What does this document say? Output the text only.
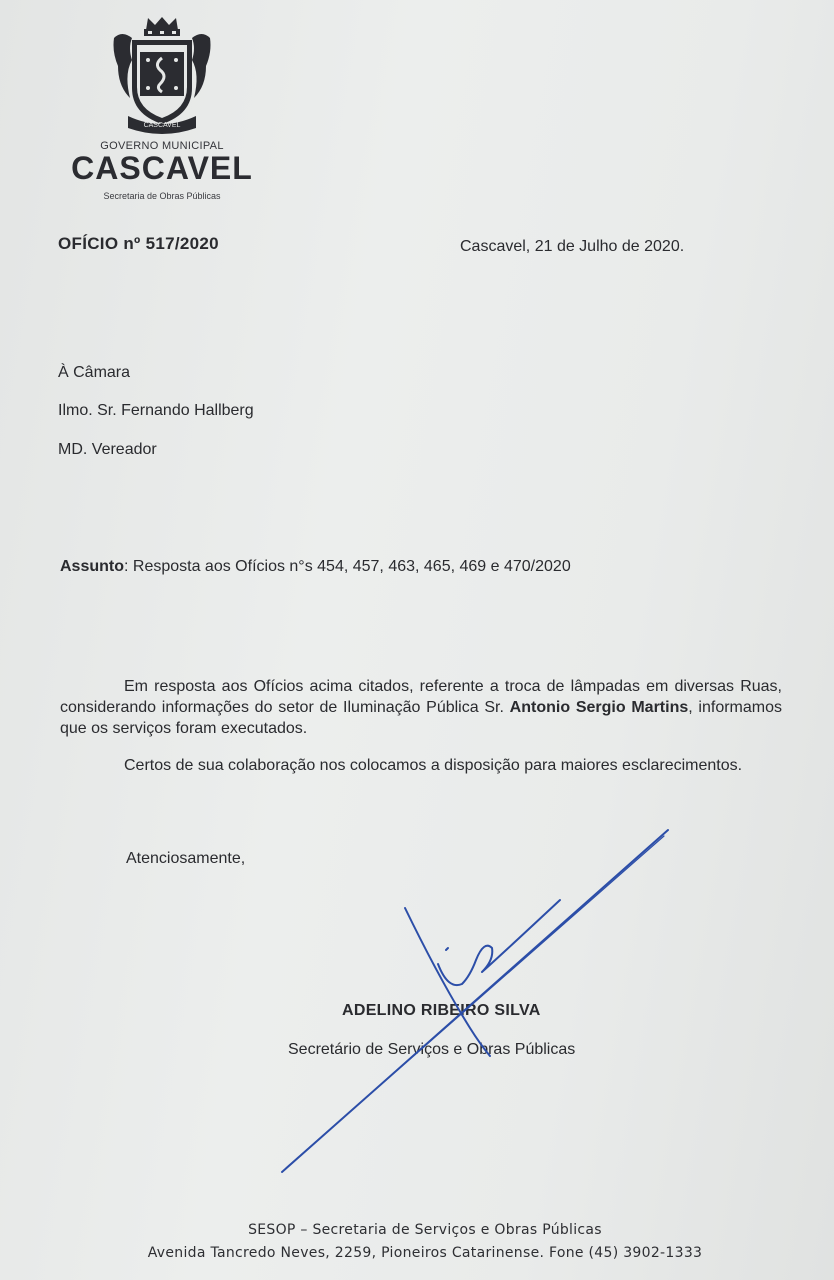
CASCAVEL
GOVERNO MUNICIPAL
CASCAVEL
Secretaria de Obras Públicas
OFÍCIO nº 517/2020	Cascavel, 21 de Julho de 2020.
À Câmara
Ilmo. Sr. Fernando Hallberg
MD. Vereador
Assunto: Resposta aos Ofícios n°s 454, 457, 463, 465, 469 e 470/2020
Em resposta aos Ofícios acima citados, referente a troca de lâmpadas em diversas Ruas, considerando informações do setor de Iluminação Pública Sr. Antonio Sergio Martins, informamos que os serviços foram executados.
Certos de sua colaboração nos colocamos a disposição para maiores esclarecimentos.
Atenciosamente,
ADELINO RIBEIRO SILVA
Secretário de Serviços e Obras Públicas
SESOP – Secretaria de Serviços e Obras Públicas
Avenida Tancredo Neves, 2259, Pioneiros Catarinense. Fone (45) 3902-1333
